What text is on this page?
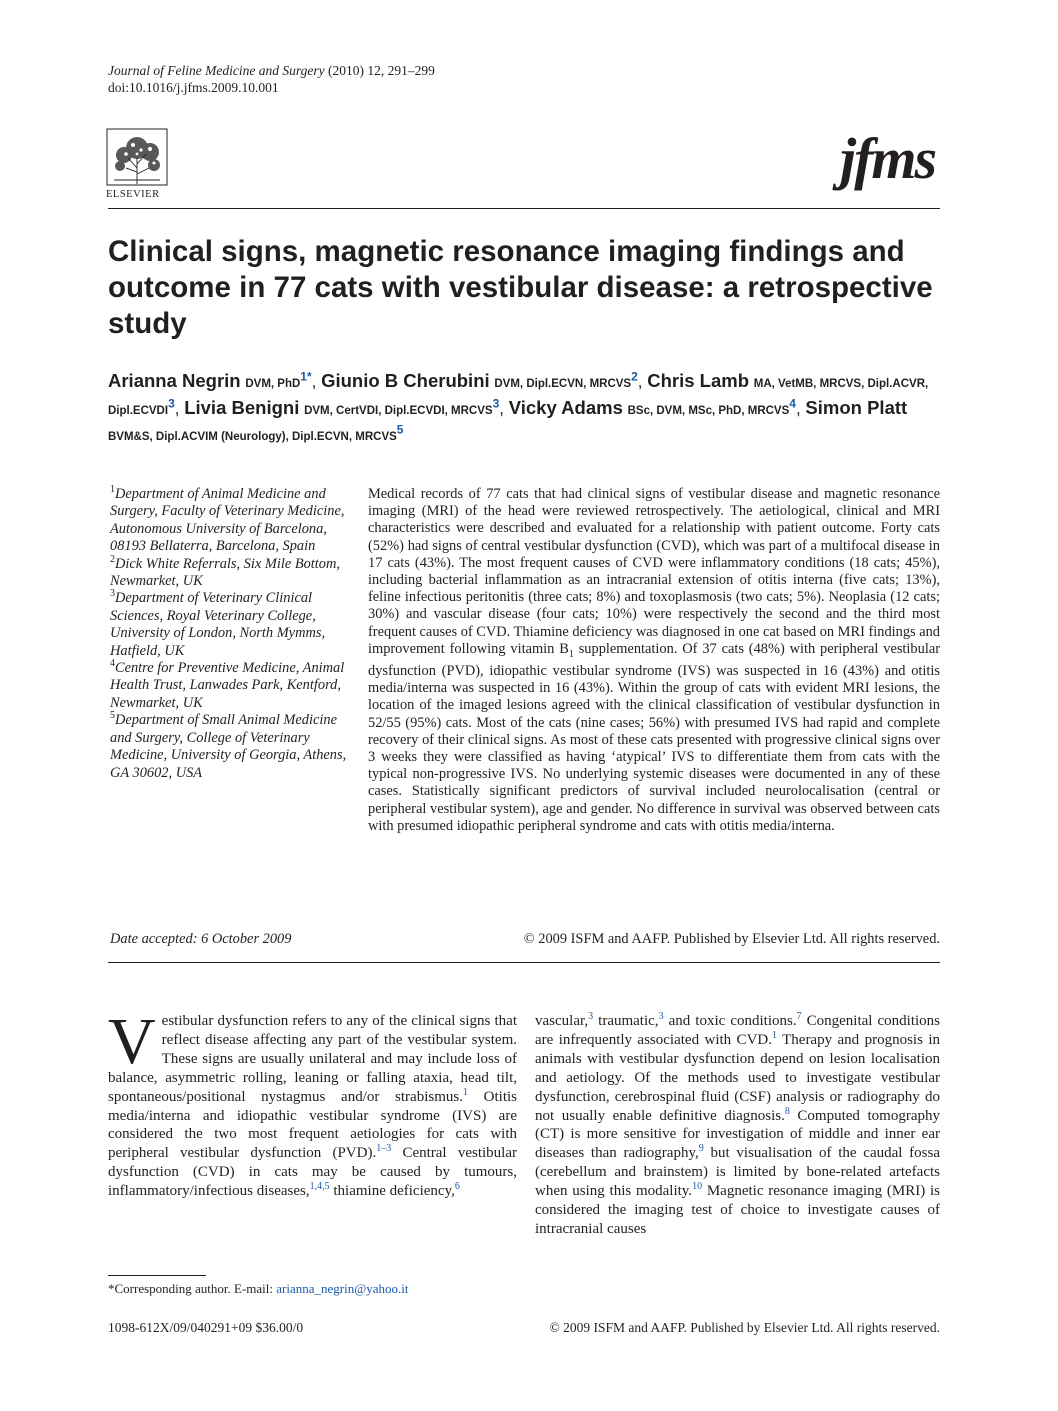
Journal of Feline Medicine and Surgery (2010) 12, 291–299
doi:10.1016/j.jfms.2009.10.001
ELSEVIER
jfms
Clinical signs, magnetic resonance imaging findings and outcome in 77 cats with vestibular disease: a retrospective study
Arianna Negrin DVM, PhD$^{1*}$, Giunio B Cherubini DVM, Dipl.ECVN, MRCVS$^2$, Chris Lamb MA, VetMB, MRCVS, Dipl.ACVR, Dipl.ECVDI$^3$, Livia Benigni DVM, CertVDI, Dipl.ECVDI, MRCVS$^3$, Vicky Adams BSc, DVM, MSc, PhD, MRCVS$^4$, Simon Platt BVM&S, Dipl.ACVIM (Neurology), Dipl.ECVN, MRCVS$^5$
$^1$Department of Animal Medicine and Surgery, Faculty of Veterinary Medicine, Autonomous University of Barcelona, 08193 Bellaterra, Barcelona, Spain
$^2$Dick White Referrals, Six Mile Bottom, Newmarket, UK
$^3$Department of Veterinary Clinical Sciences, Royal Veterinary College, University of London, North Mymms, Hatfield, UK
$^4$Centre for Preventive Medicine, Animal Health Trust, Lanwades Park, Kentford, Newmarket, UK
$^5$Department of Small Animal Medicine and Surgery, College of Veterinary Medicine, University of Georgia, Athens, GA 30602, USA
Medical records of 77 cats that had clinical signs of vestibular disease and magnetic resonance imaging (MRI) of the head were reviewed retrospectively. The aetiological, clinical and MRI characteristics were described and evaluated for a relationship with patient outcome. Forty cats (52%) had signs of central vestibular dysfunction (CVD), which was part of a multifocal disease in 17 cats (43%). The most frequent causes of CVD were inflammatory conditions (18 cats; 45%), including bacterial inflammation as an intracranial extension of otitis interna (five cats; 13%), feline infectious peritonitis (three cats; 8%) and toxoplasmosis (two cats; 5%). Neoplasia (12 cats; 30%) and vascular disease (four cats; 10%) were respectively the second and the third most frequent causes of CVD. Thiamine deficiency was diagnosed in one cat based on MRI findings and improvement following vitamin $B_1$ supplementation. Of 37 cats (48%) with peripheral vestibular dysfunction (PVD), idiopathic vestibular syndrome (IVS) was suspected in 16 (43%) and otitis media/interna was suspected in 16 (43%). Within the group of cats with evident MRI lesions, the location of the imaged lesions agreed with the clinical classification of vestibular dysfunction in 52/55 (95%) cats. Most of the cats (nine cases; 56%) with presumed IVS had rapid and complete recovery of their clinical signs. As most of these cats presented with progressive clinical signs over 3 weeks they were classified as having ‘atypical’ IVS to differentiate them from cats with the typical non-progressive IVS. No underlying systemic diseases were documented in any of these cases. Statistically significant predictors of survival included neurolocalisation (central or peripheral vestibular system), age and gender. No difference in survival was observed between cats with presumed idiopathic peripheral syndrome and cats with otitis media/interna.
Date accepted: 6 October 2009	© 2009 ISFM and AAFP. Published by Elsevier Ltd. All rights reserved.
Vestibular dysfunction refers to any of the clinical signs that reflect disease affecting any part of the vestibular system. These signs are usually unilateral and may include loss of balance, asymmetric rolling, leaning or falling ataxia, head tilt, spontaneous/positional nystagmus and/or strabismus.$^1$ Otitis media/interna and idiopathic vestibular syndrome (IVS) are considered the two most frequent aetiologies for cats with peripheral vestibular dysfunction (PVD).$^{1-3}$ Central vestibular dysfunction (CVD) in cats may be caused by tumours, inflammatory/infectious diseases,$^{1,4,5}$ thiamine deficiency,$^6$
vascular,$^3$ traumatic,$^3$ and toxic conditions.$^7$ Congenital conditions are infrequently associated with CVD.$^1$ Therapy and prognosis in animals with vestibular dysfunction depend on lesion localisation and aetiology. Of the methods used to investigate vestibular dysfunction, cerebrospinal fluid (CSF) analysis or radiography do not usually enable definitive diagnosis.$^8$ Computed tomography (CT) is more sensitive for investigation of middle and inner ear diseases than radiography,$^9$ but visualisation of the caudal fossa (cerebellum and brainstem) is limited by bone-related artefacts when using this modality.$^{10}$ Magnetic resonance imaging (MRI) is considered the imaging test of choice to investigate causes of intracranial causes
*Corresponding author. E-mail: arianna_negrin@yahoo.it
1098-612X/09/040291+09 $36.00/0	© 2009 ISFM and AAFP. Published by Elsevier Ltd. All rights reserved.
